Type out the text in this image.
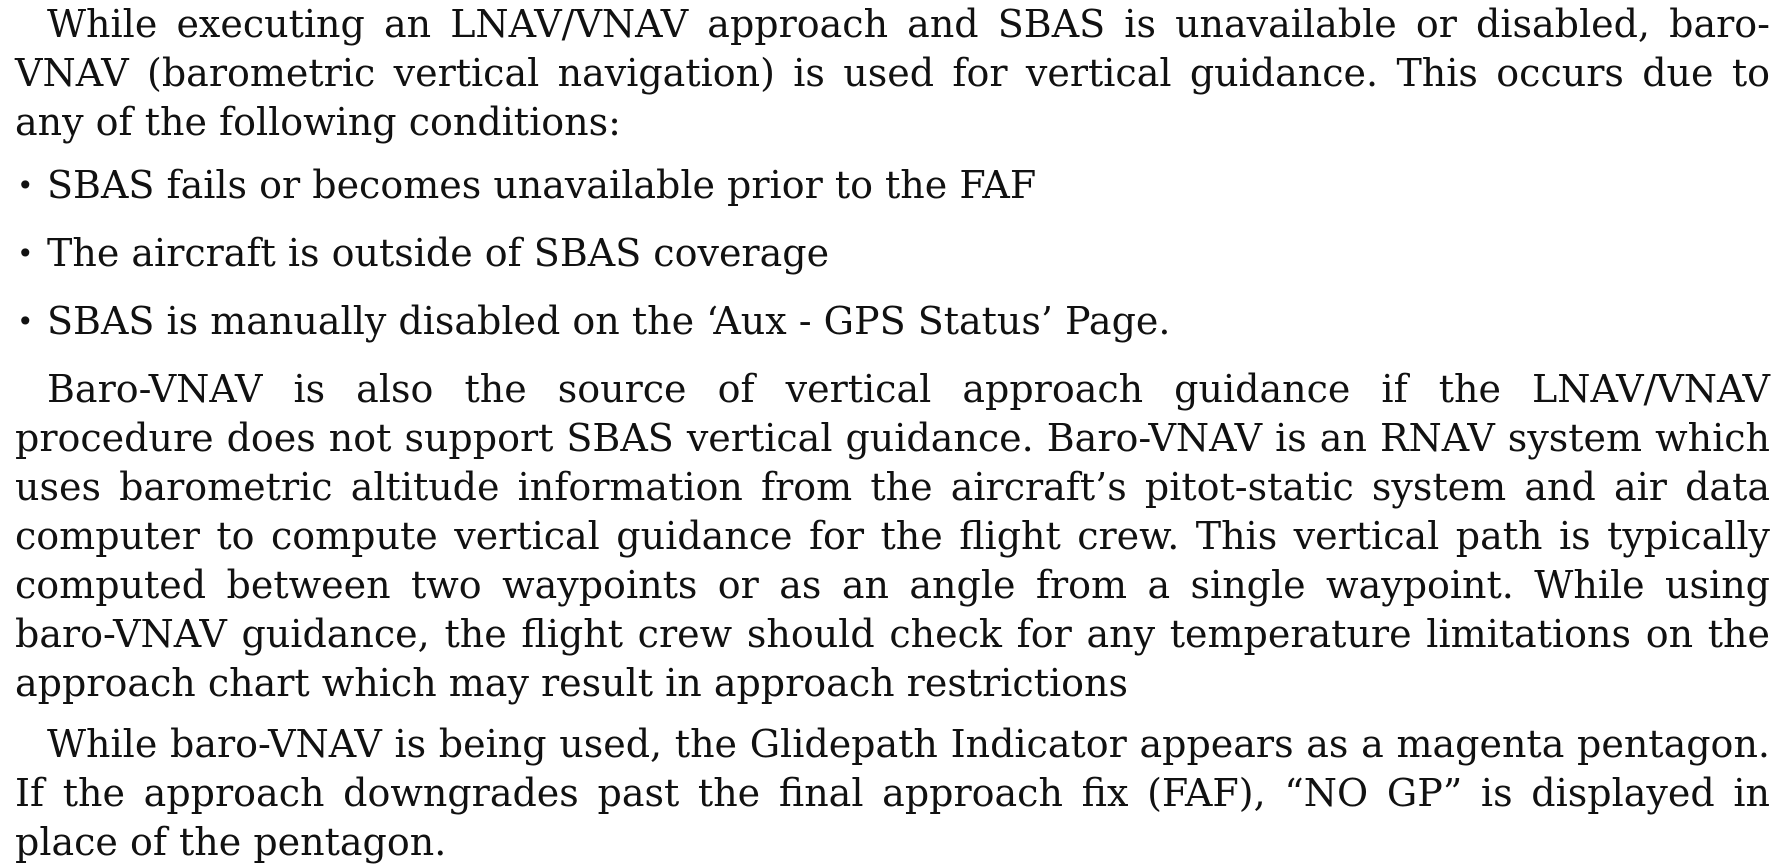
While executing an LNAV/VNAV approach and SBAS is unavailable or disabled, baro-VNAV (barometric vertical navigation) is used for vertical guidance. This occurs due to any of the following conditions:

• SBAS fails or becomes unavailable prior to the FAF
• The aircraft is outside of SBAS coverage
• SBAS is manually disabled on the ‘Aux - GPS Status’ Page.

Baro-VNAV is also the source of vertical approach guidance if the LNAV/VNAV procedure does not support SBAS vertical guidance. Baro-VNAV is an RNAV system which uses barometric altitude information from the aircraft’s pitot-static system and air data computer to compute vertical guidance for the flight crew. This vertical path is typically computed between two waypoints or as an angle from a single waypoint. While using baro-VNAV guidance, the flight crew should check for any temperature limitations on the approach chart which may result in approach restrictions

While baro-VNAV is being used, the Glidepath Indicator appears as a magenta pentagon. If the approach downgrades past the final approach fix (FAF), “NO GP” is displayed in place of the pentagon.
